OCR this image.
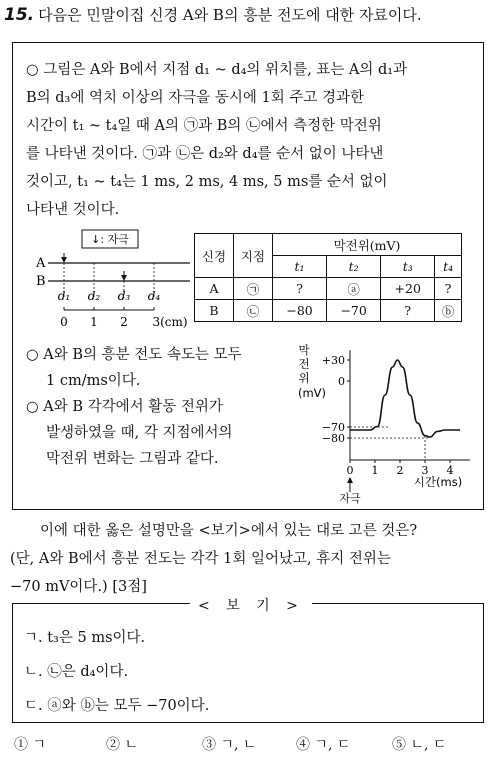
15. 다음은 민말이집 신경 A와 B의 흥분 전도에 대한 자료이다.
○ 그림은 A와 B에서 지점 d₁ ~ d₄의 위치를, 표는 A의 d₁과
B의 d₃에 역치 이상의 자극을 동시에 1회 주고 경과한
시간이 t₁ ~ t₄일 때 A의 ㉠과 B의 ㉡에서 측정한 막전위
를 나타낸 것이다. ㉠과 ㉡은 d₂와 d₄를 순서 없이 나타낸
것이고, t₁ ~ t₄는 1 ms, 2 ms, 4 ms, 5 ms를 순서 없이
나타낸 것이다.
↓: 자극
A
B
d₁ d₂ d₃ d₄
0 1 2 3(cm)
신경	지점	막전위(mV)			
		t₁	t₂	t₃	t₄
A	㉠	?	ⓐ	+20	?
B	㉡	−80	−70	?	ⓑ
○ A와 B의 흥분 전도 속도는 모두
1 cm/ms이다.
○ A와 B 각각에서 활동 전위가
발생하였을 때, 각 지점에서의
막전위 변화는 그림과 같다.
막
전
위
(mV)
+30
0
−70
−80
0 1 2 3 4
시간(ms)
자극
이에 대한 옳은 설명만을 <보기>에서 있는 대로 고른 것은?
(단, A와 B에서 흥분 전도는 각각 1회 일어났고, 휴지 전위는
−70 mV이다.) [3점]
< 보 기 >
ㄱ. t₃은 5 ms이다.
ㄴ. ㉡은 d₄이다.
ㄷ. ⓐ와 ⓑ는 모두 −70이다.
① ㄱ	② ㄴ	③ ㄱ, ㄴ	④ ㄱ, ㄷ	⑤ ㄴ, ㄷ
